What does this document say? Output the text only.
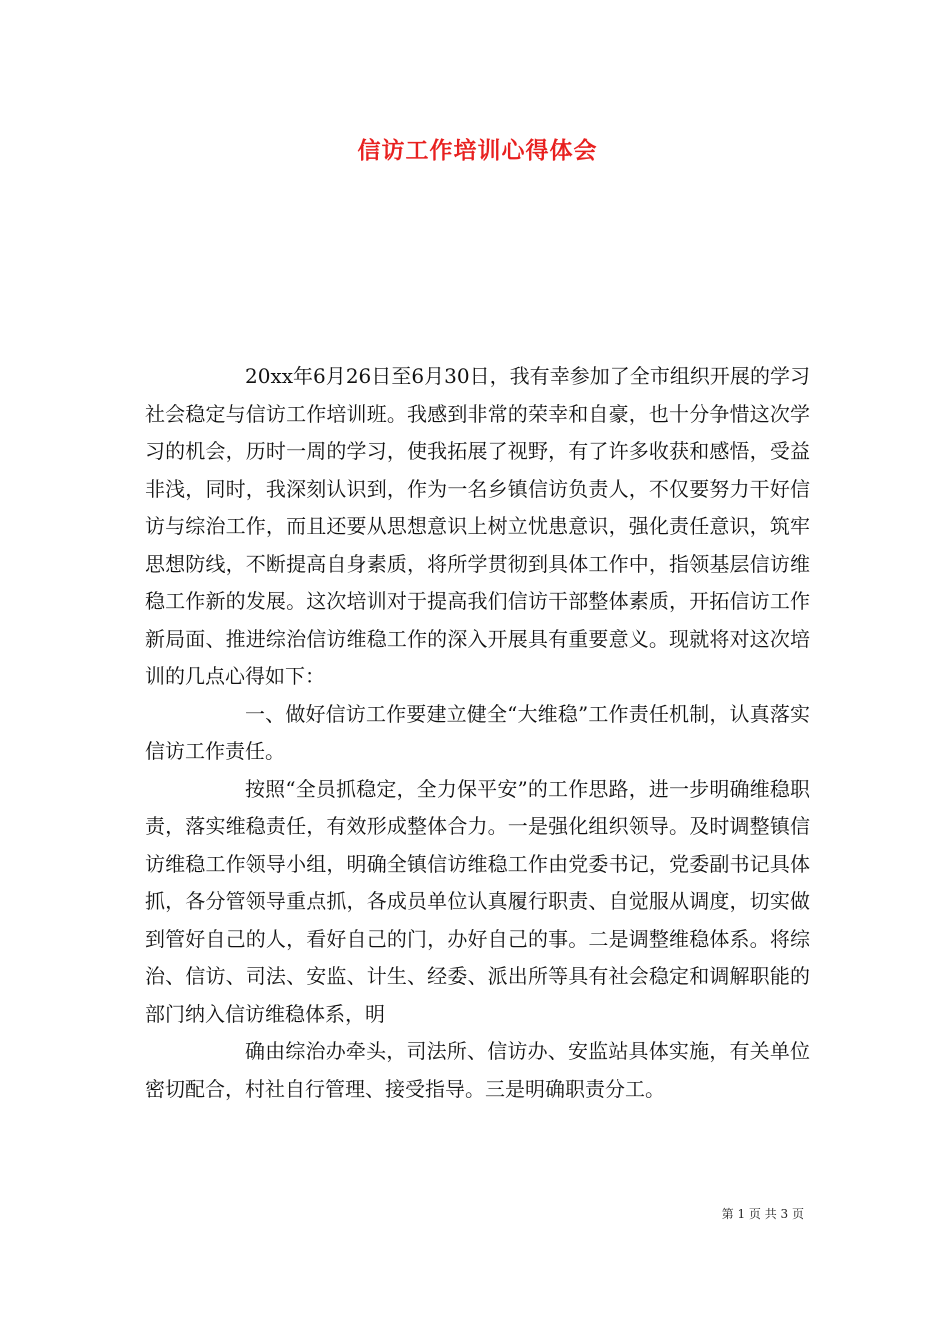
信访工作培训心得体会

20xx年6月26日至6月30日，我有幸参加了全市组织开展的学习社会稳定与信访工作培训班。我感到非常的荣幸和自豪，也十分争惜这次学习的机会，历时一周的学习，使我拓展了视野，有了许多收获和感悟，受益非浅，同时，我深刻认识到，作为一名乡镇信访负责人，不仅要努力干好信访与综治工作，而且还要从思想意识上树立忧患意识，强化责任意识，筑牢思想防线，不断提高自身素质，将所学贯彻到具体工作中，指领基层信访维稳工作新的发展。这次培训对于提高我们信访干部整体素质，开拓信访工作新局面、推进综治信访维稳工作的深入开展具有重要意义。现就将对这次培训的几点心得如下：

一、做好信访工作要建立健全“大维稳”工作责任机制，认真落实信访工作责任。

按照“全员抓稳定，全力保平安”的工作思路，进一步明确维稳职责，落实维稳责任，有效形成整体合力。一是强化组织领导。及时调整镇信访维稳工作领导小组，明确全镇信访维稳工作由党委书记，党委副书记具体抓，各分管领导重点抓，各成员单位认真履行职责、自觉服从调度，切实做到管好自己的人，看好自己的门，办好自己的事。二是调整维稳体系。将综治、信访、司法、安监、计生、经委、派出所等具有社会稳定和调解职能的部门纳入信访维稳体系，明

确由综治办牵头，司法所、信访办、安监站具体实施，有关单位密切配合，村社自行管理、接受指导。三是明确职责分工。

第 1 页 共 3 页
